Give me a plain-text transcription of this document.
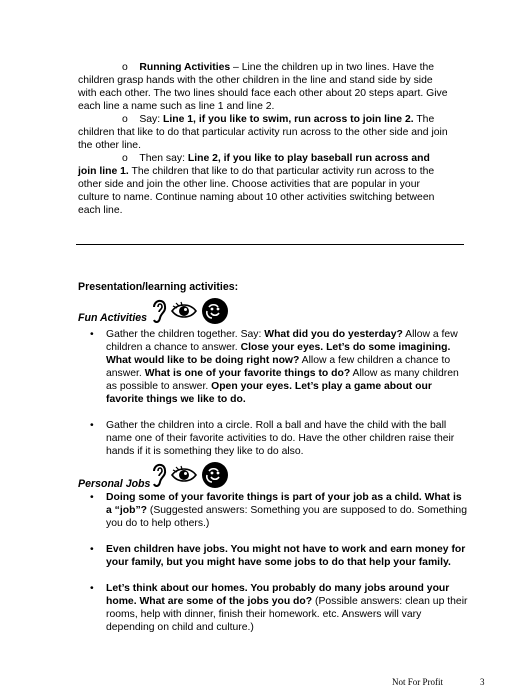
o Running Activities – Line the children up in two lines. Have the children grasp hands with the other children in the line and stand side by side with each other. The two lines should face each other about 20 steps apart. Give each line a name such as line 1 and line 2.

o Say: Line 1, if you like to swim, run across to join line 2. The children that like to do that particular activity run across to the other side and join the other line.

o Then say: Line 2, if you like to play baseball run across and join line 1. The children that like to do that particular activity run across to the other side and join the other line. Choose activities that are popular in your culture to name. Continue naming about 10 other activities switching between each line.

Presentation/learning activities:
Fun Activities
• Gather the children together. Say: What did you do yesterday? Allow a few children a chance to answer. Close your eyes. Let’s do some imagining. What would like to be doing right now? Allow a few children a chance to answer. What is one of your favorite things to do? Allow as many children as possible to answer. Open your eyes. Let’s play a game about our favorite things we like to do.

• Gather the children into a circle. Roll a ball and have the child with the ball name one of their favorite activities to do. Have the other children raise their hands if it is something they like to do also.

Personal Jobs
• Doing some of your favorite things is part of your job as a child. What is a “job”? (Suggested answers: Something you are supposed to do. Something you do to help others.)

• Even children have jobs. You might not have to work and earn money for your family, but you might have some jobs to do that help your family.

• Let’s think about our homes. You probably do many jobs around your home. What are some of the jobs you do? (Possible answers: clean up their rooms, help with dinner, finish their homework. etc. Answers will vary depending on child and culture.)

Not For Profit	3
